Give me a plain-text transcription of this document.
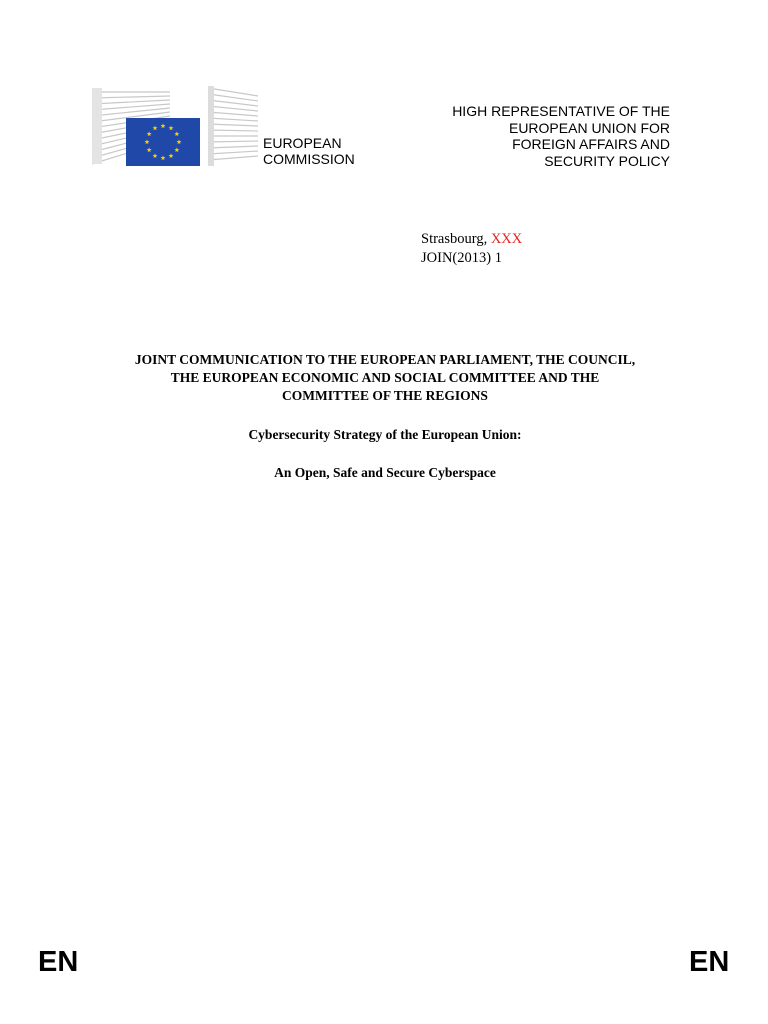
EUROPEAN
COMMISSION
HIGH REPRESENTATIVE OF THE
EUROPEAN UNION FOR
FOREIGN AFFAIRS AND
SECURITY POLICY
Strasbourg, XXX
JOIN(2013) 1
JOINT COMMUNICATION TO THE EUROPEAN PARLIAMENT, THE COUNCIL,
THE EUROPEAN ECONOMIC AND SOCIAL COMMITTEE AND THE
COMMITTEE OF THE REGIONS
Cybersecurity Strategy of the European Union:
An Open, Safe and Secure Cyberspace
EN	EN
